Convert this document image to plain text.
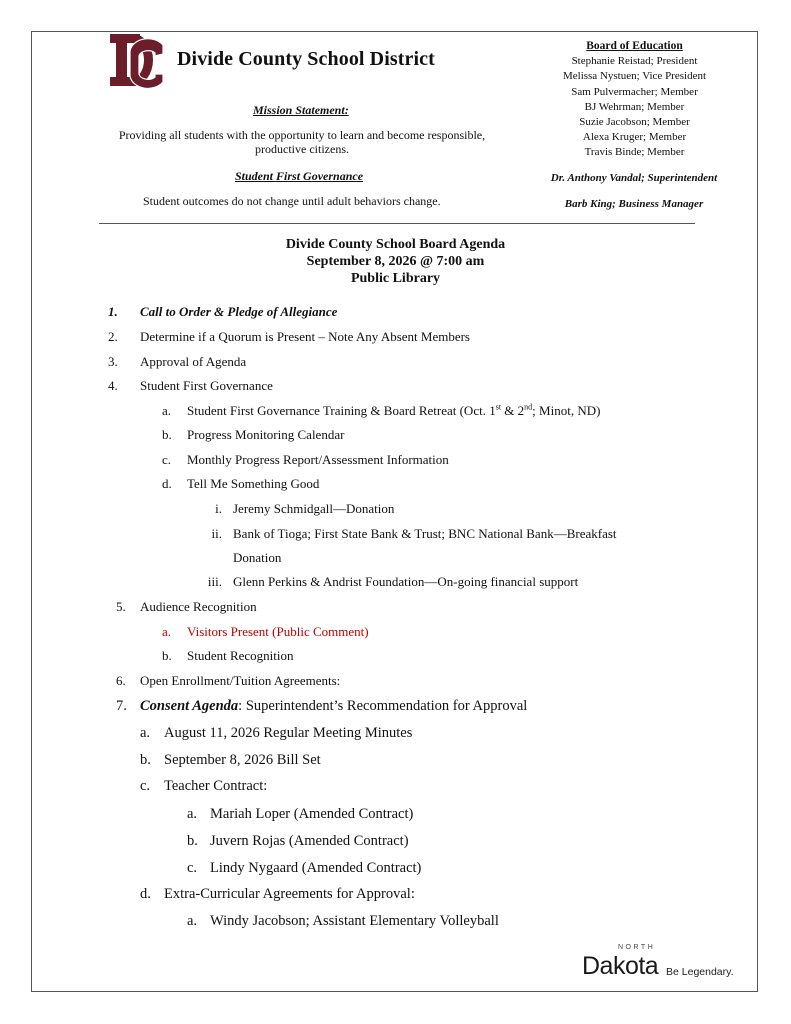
Divide County School District
Mission Statement:
Providing all students with the opportunity to learn and become responsible, productive citizens.
Student First Governance
Student outcomes do not change until adult behaviors change.
Board of Education
Stephanie Reistad; President
Melissa Nystuen; Vice President
Sam Pulvermacher; Member
BJ Wehrman; Member
Suzie Jacobson; Member
Alexa Kruger; Member
Travis Binde; Member
Dr. Anthony Vandal; Superintendent
Barb King; Business Manager
Divide County School Board Agenda
September 8, 2026 @ 7:00 am
Public Library
1.	Call to Order & Pledge of Allegiance
2.	Determine if a Quorum is Present – Note Any Absent Members
3.	Approval of Agenda
4.	Student First Governance
a.	Student First Governance Training & Board Retreat (Oct. 1st & 2nd; Minot, ND)
b.	Progress Monitoring Calendar
c.	Monthly Progress Report/Assessment Information
d.	Tell Me Something Good
i. Jeremy Schmidgall—Donation
ii. Bank of Tioga; First State Bank & Trust; BNC National Bank—Breakfast
Donation
iii. Glenn Perkins & Andrist Foundation—On-going financial support
5.	Audience Recognition
a.	Visitors Present (Public Comment)
b.	Student Recognition
6.	Open Enrollment/Tuition Agreements:
7. Consent Agenda: Superintendent’s Recommendation for Approval
a. August 11, 2026 Regular Meeting Minutes
b. September 8, 2026 Bill Set
c. Teacher Contract:
a. Mariah Loper (Amended Contract)
b. Juvern Rojas (Amended Contract)
c. Lindy Nygaard (Amended Contract)
d. Extra-Curricular Agreements for Approval:
a. Windy Jacobson; Assistant Elementary Volleyball
NORTH
Dakota Be Legendary.
